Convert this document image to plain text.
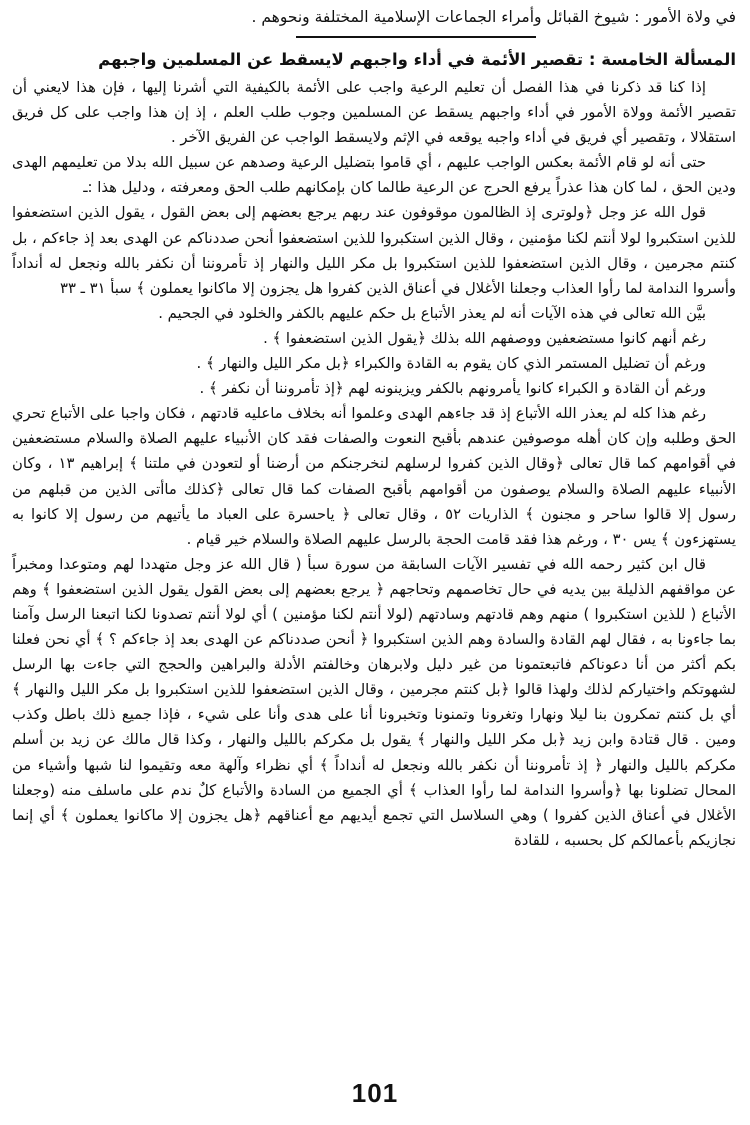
في ولاة الأمور : شيوخ القبائل وأمراء الجماعات الإسلامية المختلفة ونحوهم .

المسألة الخامسة : تقصير الأئمة في أداء واجبهم لايسقط عن المسلمين واجبهم

إذا كنا قد ذكرنا في هذا الفصل أن تعليم الرعية واجب على الأئمة بالكيفية التي أشرنا إليها ، فإن هذا لايعني أن تقصير الأئمة وولاة الأمور في أداء واجبهم يسقط عن المسلمين وجوب طلب العلم ، إذ إن هذا واجب على كل فريق استقلالا ، وتقصير أي فريق في أداء واجبه يوقعه في الإثم ولايسقط الواجب عن الفريق الآخر .

حتى أنه لو قام الأئمة بعكس الواجب عليهم ، أي قاموا بتضليل الرعية وصدهم عن سبيل الله بدلا من تعليمهم الهدى ودين الحق ، لما كان هذا عذراً يرفع الحرج عن الرعية طالما كان بإمكانهم طلب الحق ومعرفته ، ودليل هذا :ـ

قول الله عز وجل ﴿ولوترى إذ الظالمون موقوفون عند ربهم يرجع بعضهم إلى بعض القول ، يقول الذين استضعفوا للذين استكبروا لولا أنتم لكنا مؤمنين ، وقال الذين استكبروا للذين استضعفوا أنحن صددناكم عن الهدى بعد إذ جاءكم ، بل كنتم مجرمين ، وقال الذين استضعفوا للذين استكبروا بل مكر الليل والنهار إذ تأمروننا أن نكفر بالله ونجعل له أنداداً وأسروا الندامة لما رأوا العذاب وجعلنا الأغلال في أعناق الذين كفروا هل يجزون إلا ماكانوا يعملون ﴾ سبأ ٣١ ـ ٣٣

بيَّن الله تعالى في هذه الآيات أنه لم يعذر الأتباع بل حكم عليهم بالكفر والخلود في الجحيم .

رغم أنهم كانوا مستضعفين ووصفهم الله بذلك ﴿يقول الذين استضعفوا ﴾ .

ورغم أن تضليل المستمر الذي كان يقوم به القادة والكبراء ﴿بل مكر الليل والنهار ﴾ .

ورغم أن القادة و الكبراء كانوا يأمرونهم بالكفر ويزينونه لهم ﴿إذ تأمروننا أن نكفر ﴾ .

رغم هذا كله لم يعذر الله الأتباع إذ قد جاءهم الهدى وعلموا أنه بخلاف ماعليه قادتهم ، فكان واجبا على الأتباع تحري الحق وطلبه وإن كان أهله موصوفين عندهم بأقبح النعوت والصفات فقد كان الأنبياء عليهم الصلاة والسلام مستضعفين في أقوامهم كما قال تعالى ﴿وقال الذين كفروا لرسلهم لنخرجنكم من أرضنا أو لتعودن في ملتنا ﴾ إبراهيم ١٣ ، وكان الأنبياء عليهم الصلاة والسلام يوصفون من أقوامهم بأقبح الصفات كما قال تعالى ﴿كذلك ماأتى الذين من قبلهم من رسول إلا قالوا ساحر و مجنون ﴾ الذاريات ٥٢ ، وقال تعالى ﴿ ياحسرة على العباد ما يأتيهم من رسول إلا كانوا به يستهزءون ﴾ يس ٣٠ ، ورغم هذا فقد قامت الحجة بالرسل عليهم الصلاة والسلام خير قيام .

قال ابن كثير رحمه الله في تفسير الآيات السابقة من سورة سبأ ( قال الله عز وجل متهددا لهم ومتوعدا ومخبراً عن مواقفهم الذليلة بين يديه في حال تخاصمهم وتحاجهم ﴿ يرجع بعضهم إلى بعض القول يقول الذين استضعفوا ﴾ وهم الأتباع ( للذين استكبروا ) منهم وهم قادتهم وسادتهم (لولا أنتم لكنا مؤمنين ) أي لولا أنتم تصدونا لكنا اتبعنا الرسل وآمنا بما جاءونا به ، فقال لهم القادة والسادة وهم الذين استكبروا ﴿ أنحن صددناكم عن الهدى بعد إذ جاءكم ؟ ﴾ أي نحن فعلنا بكم أكثر من أنا دعوناكم فاتبعتمونا من غير دليل ولابرهان وخالفتم الأدلة والبراهين والحجج التي جاءت بها الرسل لشهوتكم واختياركم لذلك ولهذا قالوا ﴿بل كنتم مجرمين ، وقال الذين استضعفوا للذين استكبروا بل مكر الليل والنهار ﴾ أي بل كنتم تمكرون بنا ليلا ونهارا وتغرونا وتمنونا وتخبرونا أنا على هدى وأنا على شيء ، فإذا جميع ذلك باطل وكذب ومين . قال قتادة وابن زيد ﴿بل مكر الليل والنهار ﴾ يقول بل مكركم بالليل والنهار ، وكذا قال مالك عن زيد بن أسلم مكركم بالليل والنهار ﴿ إذ تأمروننا أن نكفر بالله ونجعل له أنداداً ﴾ أي نظراء وآلهة معه وتقيموا لنا شبها وأشياء من المحال تضلونا بها ﴿وأسروا الندامة لما رأوا العذاب ﴾ أي الجميع من السادة والأتباع كلٌ ندم على ماسلف منه (وجعلنا الأغلال في أعناق الذين كفروا ) وهي السلاسل التي تجمع أيديهم مع أعناقهم ﴿هل يجزون إلا ماكانوا يعملون ﴾ أي إنما نجازيكم بأعمالكم كل بحسبه ، للقادة

101
